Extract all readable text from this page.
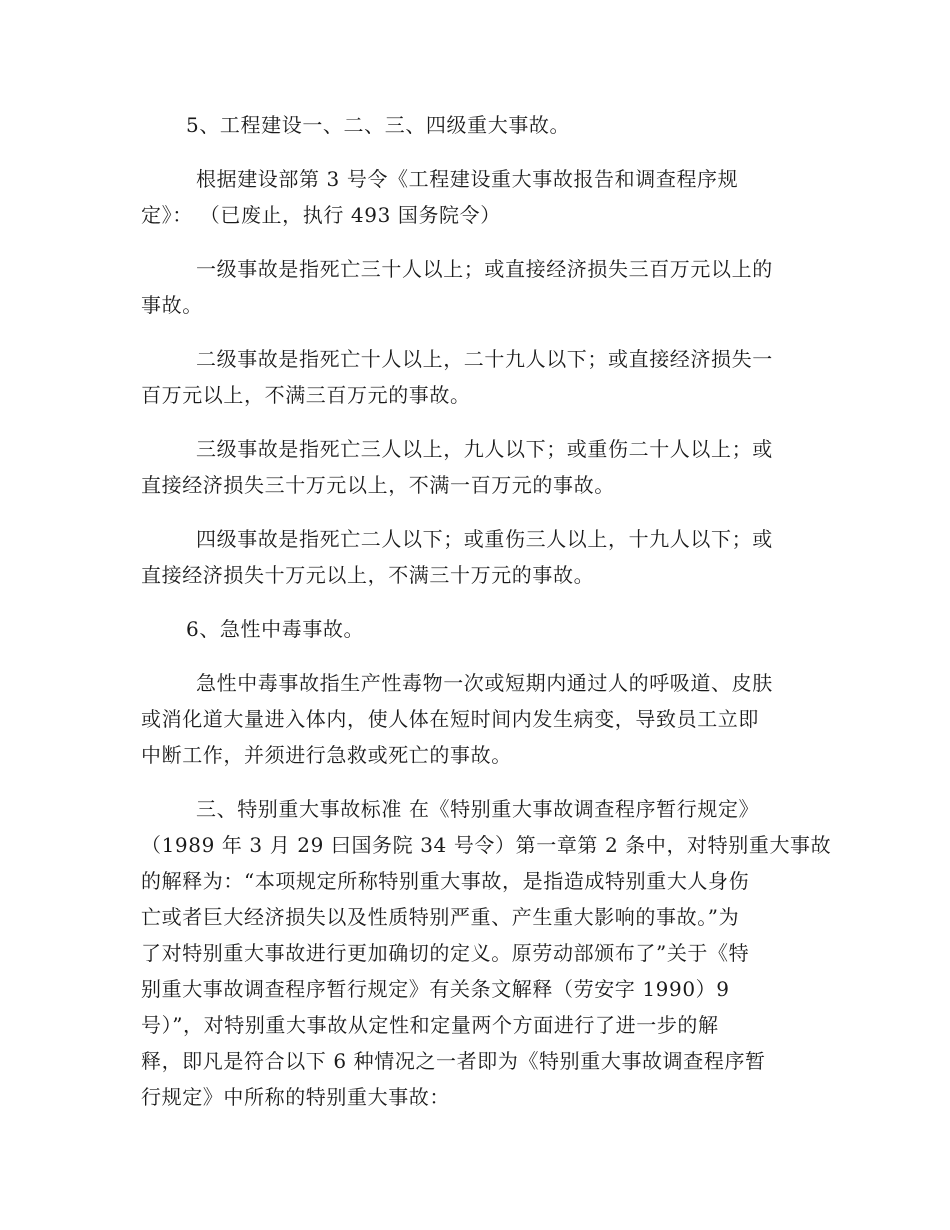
5、工程建设一、二、三、四级重大事故。
根据建设部第 3 号令《工程建设重大事故报告和调查程序规
定》： （已废止，执行 493 国务院令）
一级事故是指死亡三十人以上；或直接经济损失三百万元以上的
事故。
二级事故是指死亡十人以上，二十九人以下；或直接经济损失一
百万元以上，不满三百万元的事故。
三级事故是指死亡三人以上，九人以下；或重伤二十人以上；或
直接经济损失三十万元以上，不满一百万元的事故。
四级事故是指死亡二人以下；或重伤三人以上，十九人以下；或
直接经济损失十万元以上，不满三十万元的事故。
6、急性中毒事故。
急性中毒事故指生产性毒物一次或短期内通过人的呼吸道、皮肤
或消化道大量进入体内，使人体在短时间内发生病变，导致员工立即
中断工作，并须进行急救或死亡的事故。
三、特别重大事故标准 在《特别重大事故调查程序暂行规定》
（1989 年 3 月 29 曰国务院 34 号令）第一章第 2 条中，对特别重大事故
的解释为：“本项规定所称特别重大事故，是指造成特别重大人身伤
亡或者巨大经济损失以及性质特别严重、产生重大影响的事故。”为
了对特别重大事故进行更加确切的定义。原劳动部颁布了”关于《特
别重大事故调查程序暂行规定》有关条文解释（劳安字 1990）9
号）”，对特别重大事故从定性和定量两个方面进行了进一步的解
释，即凡是符合以下 6 种情况之一者即为《特别重大事故调查程序暂
行规定》中所称的特别重大事故：
